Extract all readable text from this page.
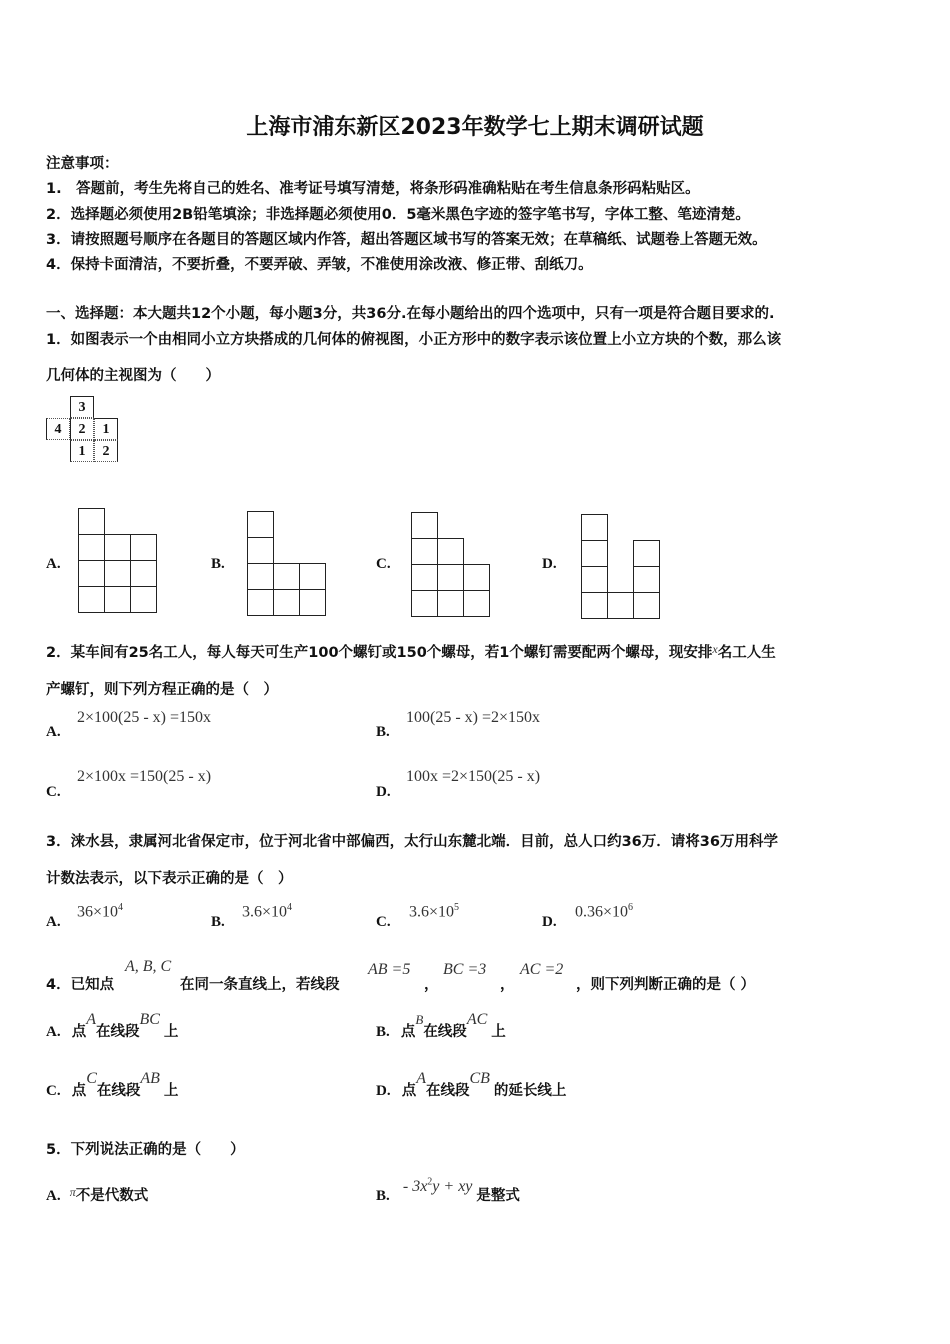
上海市浦东新区2023年数学七上期末调研试题
注意事项：
1.　答题前，考生先将自己的姓名、准考证号填写清楚，将条形码准确粘贴在考生信息条形码粘贴区。
2．选择题必须使用2B铅笔填涂；非选择题必须使用0．5毫米黑色字迹的签字笔书写，字体工整、笔迹清楚。
3．请按照题号顺序在各题目的答题区域内作答，超出答题区域书写的答案无效；在草稿纸、试题卷上答题无效。
4．保持卡面清洁，不要折叠，不要弄破、弄皱，不准使用涂改液、修正带、刮纸刀。
一、选择题：本大题共12个小题，每小题3分，共36分.在每小题给出的四个选项中，只有一项是符合题目要求的.
1．如图表示一个由相同小立方块搭成的几何体的俯视图，小正方形中的数字表示该位置上小立方块的个数，那么该
几何体的主视图为（　　）
3
4	2	1
1	2
A.	B.	C.	D.
2．某车间有25名工人，每人每天可生产100个螺钉或150个螺母，若1个螺钉需要配两个螺母，现安排$^x$名工人生
产螺钉，则下列方程正确的是（　）
A.
2×100(25 - x) =150x
B.
100(25 - x) =2×150x
C.
2×100x =150(25 - x)
D.
100x =2×150(25 - x)
3．涞水县，隶属河北省保定市，位于河北省中部偏西，太行山东麓北端．目前，总人口约36万．请将36万用科学
计数法表示，以下表示正确的是（　）
A.
$36\times 10^4$
B.
$3.6\times 10^4$
C.
$3.6\times 10^5$
D.
$0.36\times 10^6$
4．已知点
A, B, C
在同一条直线上，若线段
AB =5
，
BC =3
，
AC =2
，则下列判断正确的是（ ）
A. 点A在线段BC上	B. 点$^B$在线段AC上
C. 点C在线段AB上	D. 点A在线段CB的延长线上
5．下列说法正确的是（　　）
A. $^\pi$不是代数式	B. - $3x^2y$ + xy是整式
